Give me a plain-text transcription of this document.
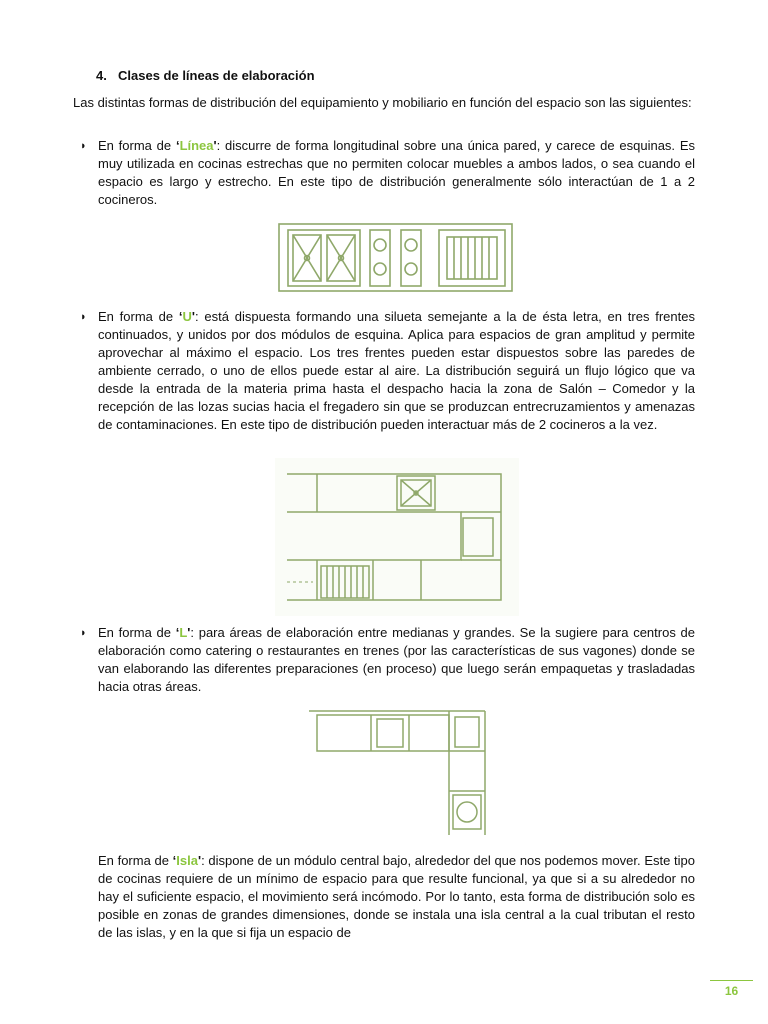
4. Clases de líneas de elaboración
Las distintas formas de distribución del equipamiento y mobiliario en función del espacio son las siguientes:
◗ En forma de ‘Línea': discurre de forma longitudinal sobre una única pared, y carece de esquinas. Es muy utilizada en cocinas estrechas que no permiten colocar muebles a ambos lados, o sea cuando el espacio es largo y estrecho. En este tipo de distribución generalmente sólo interactúan de 1 a 2 cocineros.
◗ En forma de ‘U': está dispuesta formando una silueta semejante a la de ésta letra, en tres frentes continuados, y unidos por dos módulos de esquina. Aplica para espacios de gran amplitud y permite aprovechar al máximo el espacio. Los tres frentes pueden estar dispuestos sobre las paredes de ambiente cerrado, o uno de ellos puede estar al aire. La distribución seguirá un flujo lógico que va desde la entrada de la materia prima hasta el despacho hacia la zona de Salón – Comedor y la recepción de las lozas sucias hacia el fregadero sin que se produzcan entrecruzamientos y amenazas de contaminaciones. En este tipo de distribución pueden interactuar más de 2 cocineros a la vez.
◗ En forma de ‘L': para áreas de elaboración entre medianas y grandes. Se la sugiere para centros de elaboración como catering o restaurantes en trenes (por las características de sus vagones) donde se van elaborando las diferentes preparaciones (en proceso) que luego serán empaquetas y trasladadas hacia otras áreas.
En forma de ‘Isla': dispone de un módulo central bajo, alrededor del que nos podemos mover. Este tipo de cocinas requiere de un mínimo de espacio para que resulte funcional, ya que si a su alrededor no hay el suficiente espacio, el movimiento será incómodo. Por lo tanto, esta forma de distribución solo es posible en zonas de grandes dimensiones, donde se instala una isla central a la cual tributan el resto de las islas, y en la que si fija un espacio de
16
